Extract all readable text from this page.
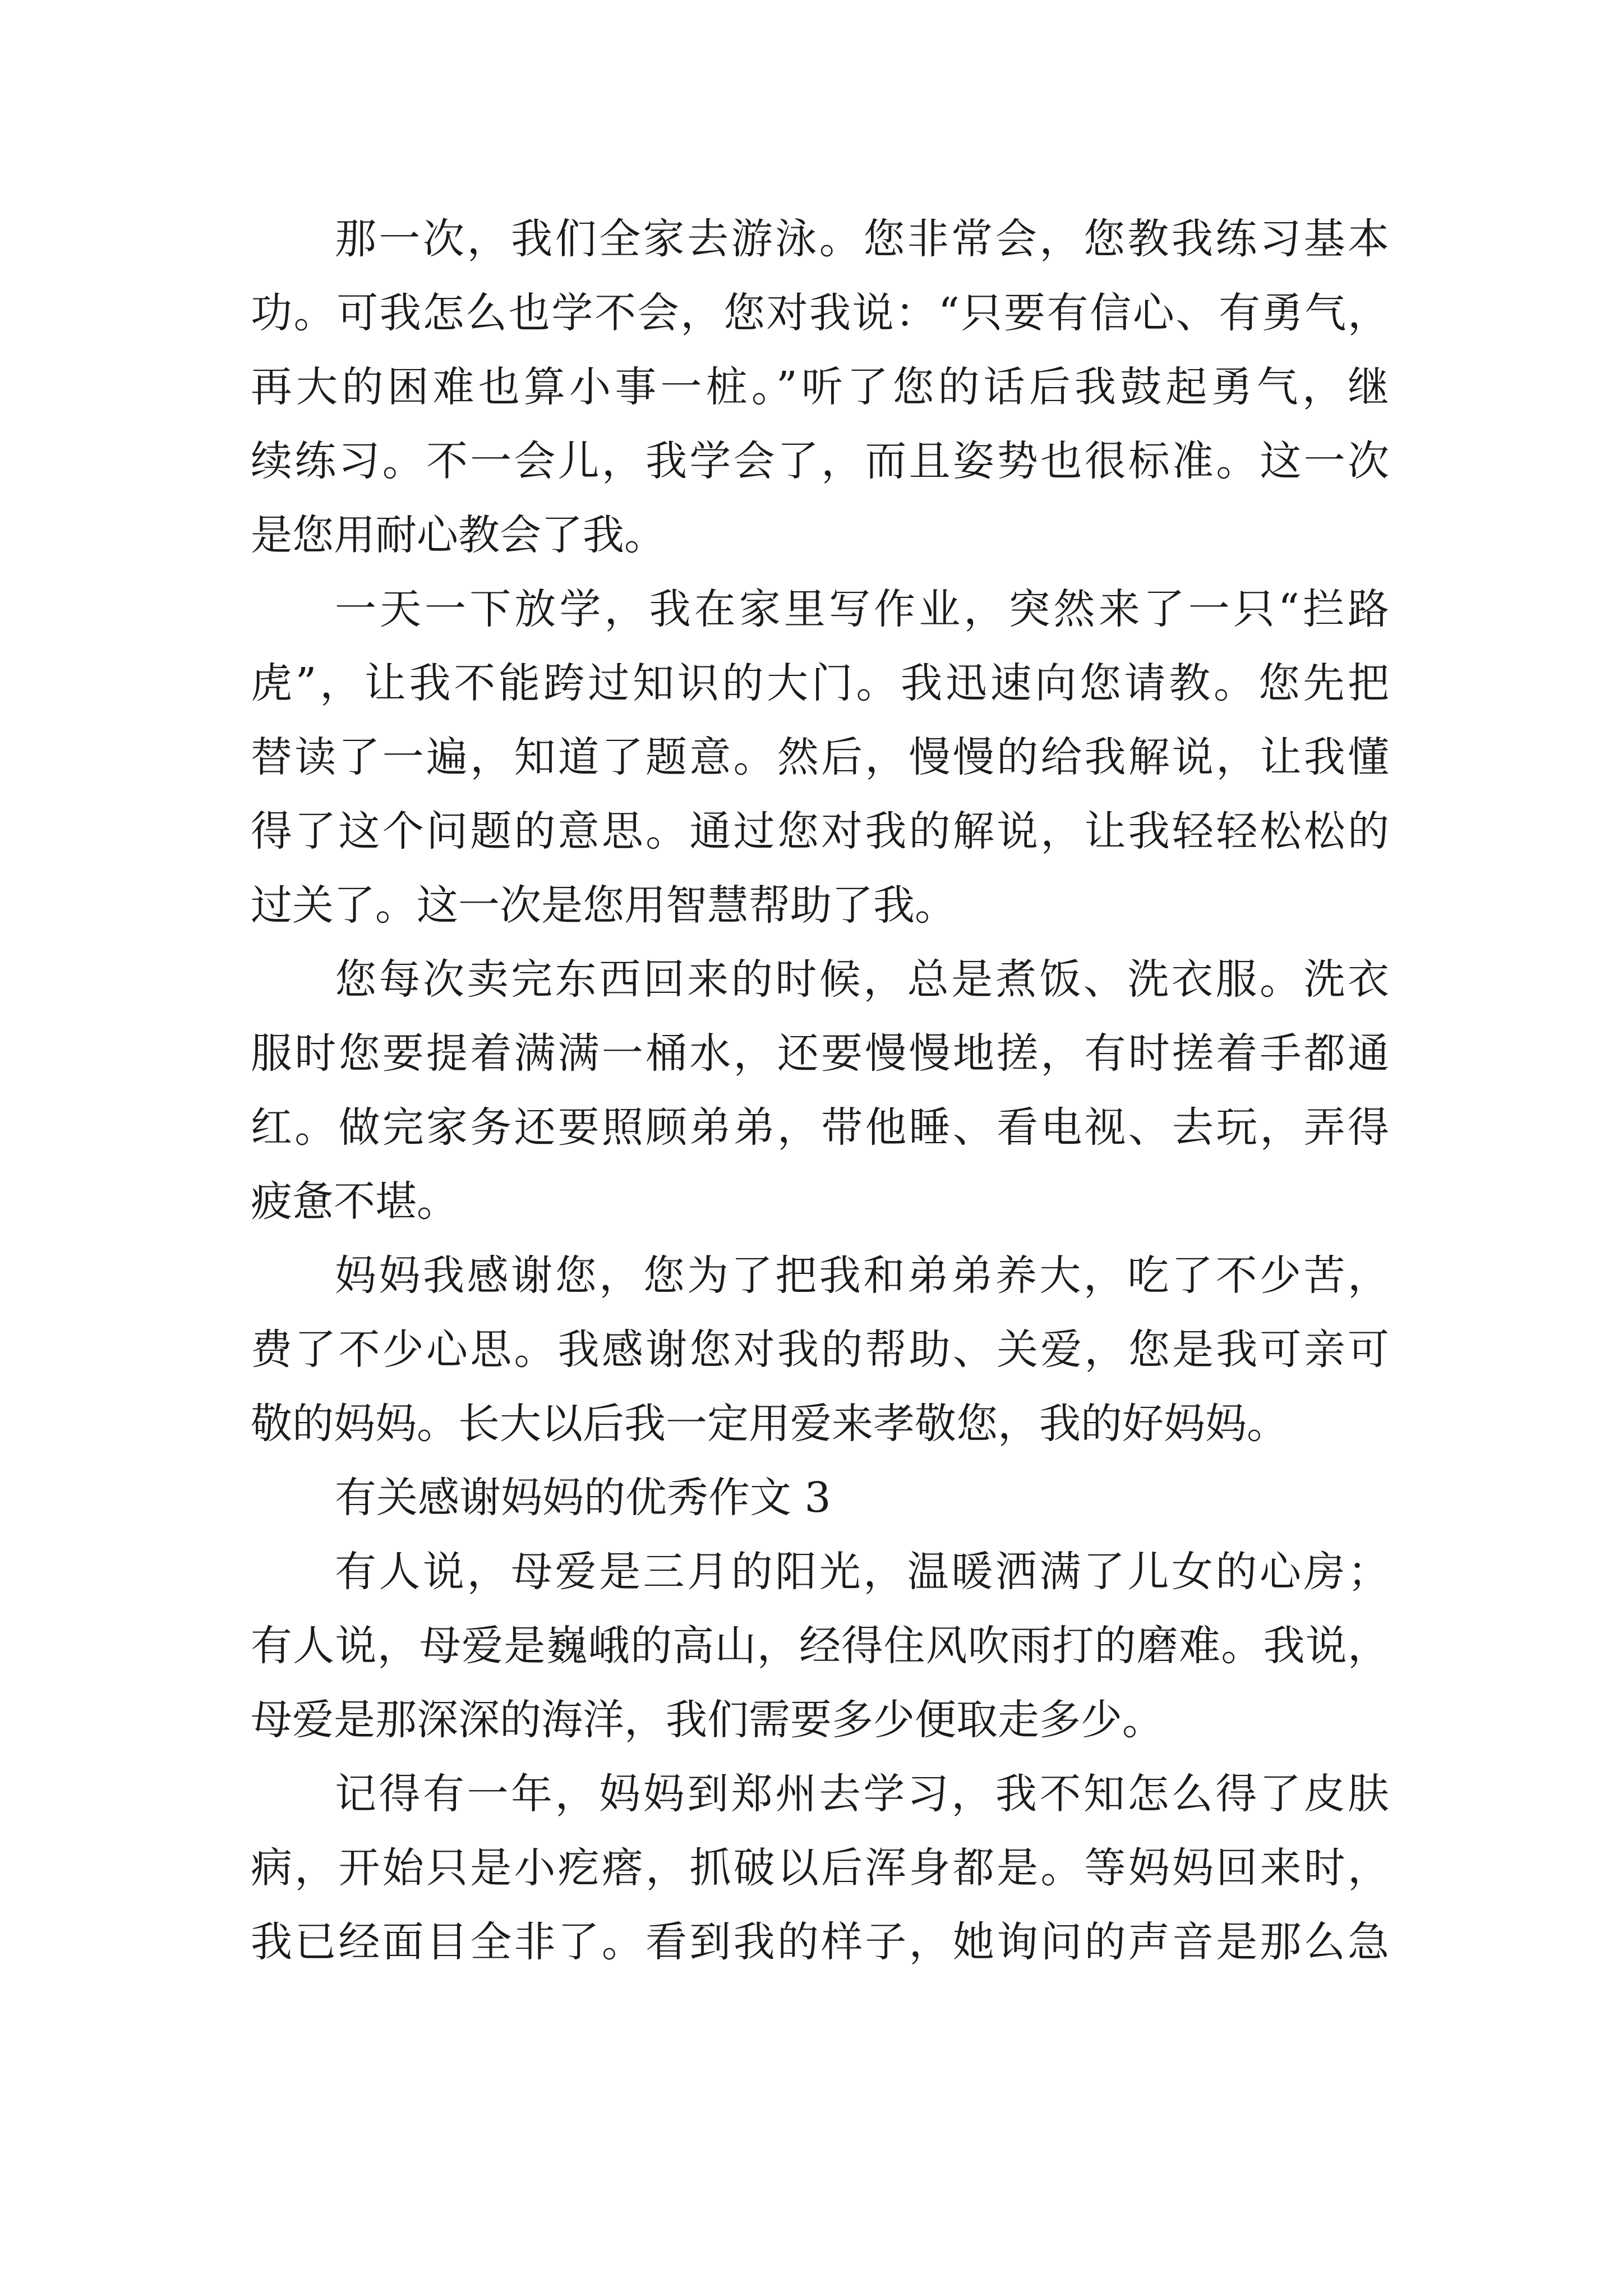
那一次，我们全家去游泳。您非常会，您教我练习基本
功。可我怎么也学不会，您对我说：“只要有信心、有勇气，
再大的困难也算小事一桩。”听了您的话后我鼓起勇气，继
续练习。不一会儿，我学会了，而且姿势也很标准。这一次
是您用耐心教会了我。
一天一下放学，我在家里写作业，突然来了一只“拦路
虎”，让我不能跨过知识的大门。我迅速向您请教。您先把
替读了一遍，知道了题意。然后，慢慢的给我解说，让我懂
得了这个问题的意思。通过您对我的解说，让我轻轻松松的
过关了。这一次是您用智慧帮助了我。
您每次卖完东西回来的时候，总是煮饭、洗衣服。洗衣
服时您要提着满满一桶水，还要慢慢地搓，有时搓着手都通
红。做完家务还要照顾弟弟，带他睡、看电视、去玩，弄得
疲惫不堪。
妈妈我感谢您，您为了把我和弟弟养大，吃了不少苦，
费了不少心思。我感谢您对我的帮助、关爱，您是我可亲可
敬的妈妈。长大以后我一定用爱来孝敬您，我的好妈妈。
有关感谢妈妈的优秀作文 3
有人说，母爱是三月的阳光，温暖洒满了儿女的心房；
有人说，母爱是巍峨的高山，经得住风吹雨打的磨难。我说，
母爱是那深深的海洋，我们需要多少便取走多少。
记得有一年，妈妈到郑州去学习，我不知怎么得了皮肤
病，开始只是小疙瘩，抓破以后浑身都是。等妈妈回来时，
我已经面目全非了。看到我的样子，她询问的声音是那么急
